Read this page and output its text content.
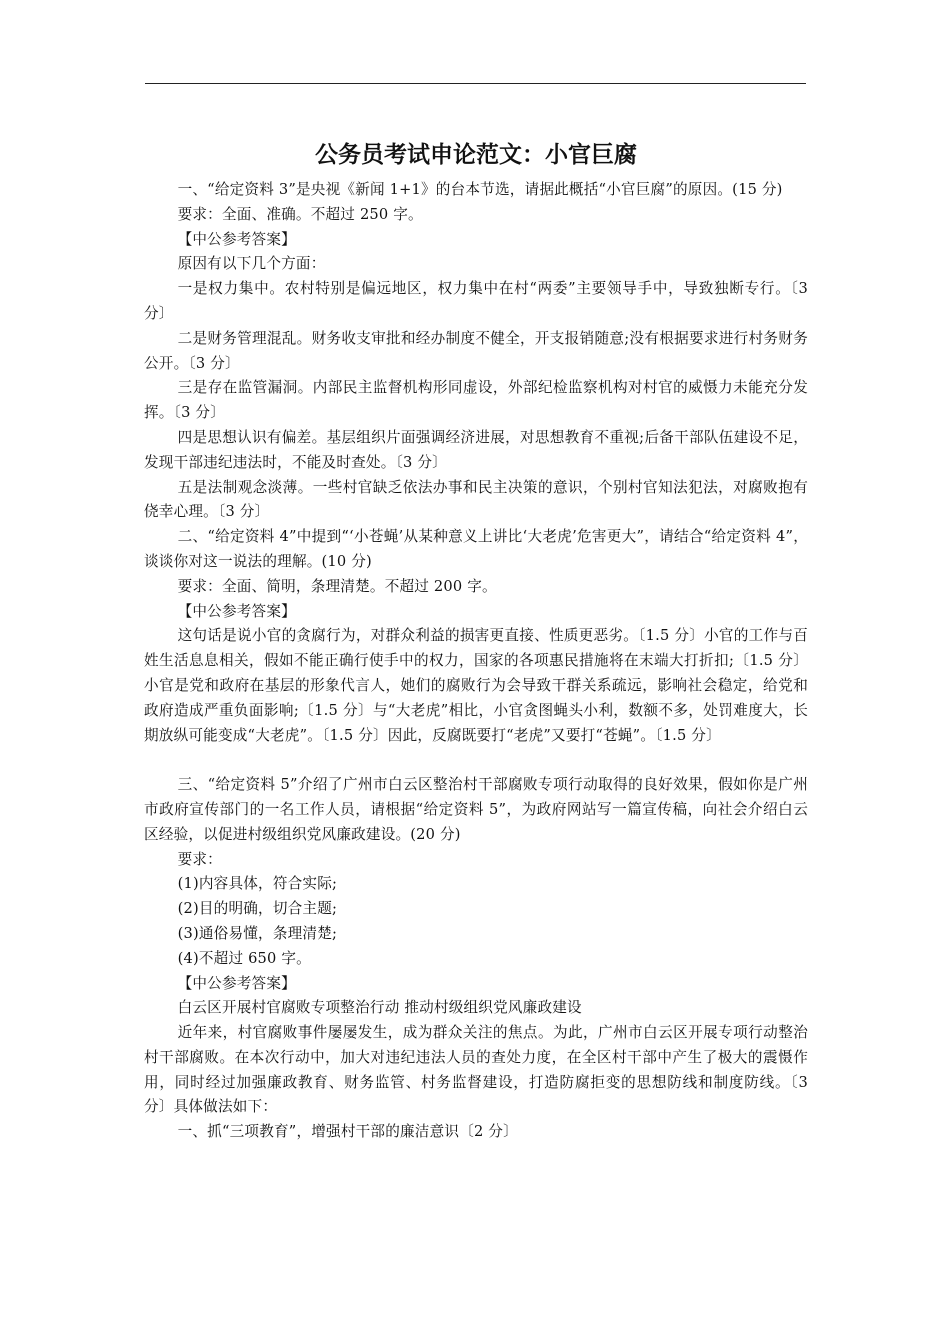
公务员考试申论范文：小官巨腐

一、“给定资料 3”是央视《新闻 1+1》的台本节选，请据此概括“小官巨腐”的原因。(15 分)

要求：全面、准确。不超过 250 字。

【中公参考答案】

原因有以下几个方面：

一是权力集中。农村特别是偏远地区，权力集中在村“两委”主要领导手中，导致独断专行。〔3 分〕

二是财务管理混乱。财务收支审批和经办制度不健全，开支报销随意;没有根据要求进行村务财务公开。〔3 分〕

三是存在监管漏洞。内部民主监督机构形同虚设，外部纪检监察机构对村官的威慑力未能充分发挥。〔3 分〕

四是思想认识有偏差。基层组织片面强调经济进展，对思想教育不重视;后备干部队伍建设不足，发现干部违纪违法时，不能及时查处。〔3 分〕

五是法制观念淡薄。一些村官缺乏依法办事和民主决策的意识，个别村官知法犯法，对腐败抱有侥幸心理。〔3 分〕

二、“给定资料 4”中提到“‘小苍蝇’从某种意义上讲比‘大老虎’危害更大”，请结合“给定资料 4”，谈谈你对这一说法的理解。(10 分)

要求：全面、简明，条理清楚。不超过 200 字。

【中公参考答案】

这句话是说小官的贪腐行为，对群众利益的损害更直接、性质更恶劣。〔1.5 分〕小官的工作与百姓生活息息相关，假如不能正确行使手中的权力，国家的各项惠民措施将在末端大打折扣;〔1.5 分〕小官是党和政府在基层的形象代言人，她们的腐败行为会导致干群关系疏远，影响社会稳定，给党和政府造成严重负面影响;〔1.5 分〕与“大老虎”相比，小官贪图蝇头小利，数额不多，处罚难度大，长期放纵可能变成“大老虎”。〔1.5 分〕因此，反腐既要打“老虎”又要打“苍蝇”。〔1.5 分〕

三、“给定资料 5”介绍了广州市白云区整治村干部腐败专项行动取得的良好效果，假如你是广州市政府宣传部门的一名工作人员，请根据“给定资料 5”，为政府网站写一篇宣传稿，向社会介绍白云区经验，以促进村级组织党风廉政建设。(20 分)

要求：

(1)内容具体，符合实际;

(2)目的明确，切合主题;

(3)通俗易懂，条理清楚;

(4)不超过 650 字。

【中公参考答案】

白云区开展村官腐败专项整治行动 推动村级组织党风廉政建设

近年来，村官腐败事件屡屡发生，成为群众关注的焦点。为此，广州市白云区开展专项行动整治村干部腐败。在本次行动中，加大对违纪违法人员的查处力度，在全区村干部中产生了极大的震慑作用，同时经过加强廉政教育、财务监管、村务监督建设，打造防腐拒变的思想防线和制度防线。〔3 分〕具体做法如下：

一、抓“三项教育”，增强村干部的廉洁意识〔2 分〕
